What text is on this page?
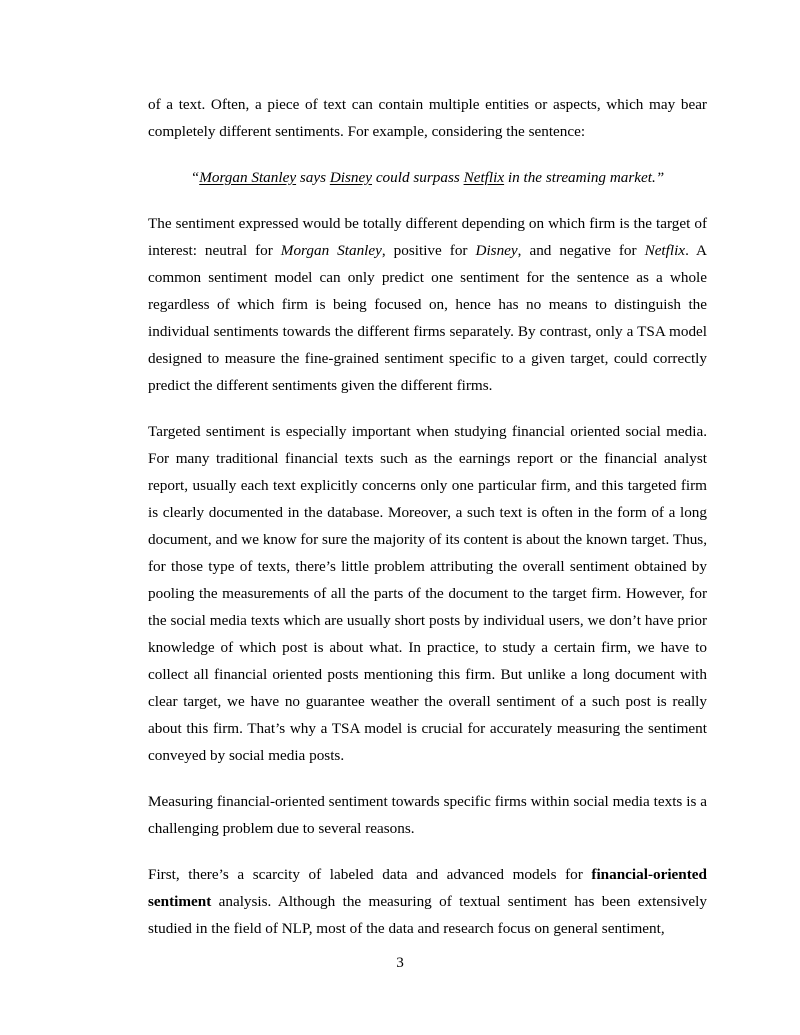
of a text. Often, a piece of text can contain multiple entities or aspects, which may bear completely different sentiments. For example, considering the sentence:

“Morgan Stanley says Disney could surpass Netflix in the streaming market.”

The sentiment expressed would be totally different depending on which firm is the target of interest: neutral for Morgan Stanley, positive for Disney, and negative for Netflix. A common sentiment model can only predict one sentiment for the sentence as a whole regardless of which firm is being focused on, hence has no means to distinguish the individual sentiments towards the different firms separately. By contrast, only a TSA model designed to measure the fine-grained sentiment specific to a given target, could correctly predict the different sentiments given the different firms.

Targeted sentiment is especially important when studying financial oriented social media. For many traditional financial texts such as the earnings report or the financial analyst report, usually each text explicitly concerns only one particular firm, and this targeted firm is clearly documented in the database. Moreover, a such text is often in the form of a long document, and we know for sure the majority of its content is about the known target. Thus, for those type of texts, there’s little problem attributing the overall sentiment obtained by pooling the measurements of all the parts of the document to the target firm. However, for the social media texts which are usually short posts by individual users, we don’t have prior knowledge of which post is about what. In practice, to study a certain firm, we have to collect all financial oriented posts mentioning this firm. But unlike a long document with clear target, we have no guarantee weather the overall sentiment of a such post is really about this firm. That’s why a TSA model is crucial for accurately measuring the sentiment conveyed by social media posts.

Measuring financial-oriented sentiment towards specific firms within social media texts is a challenging problem due to several reasons.

First, there’s a scarcity of labeled data and advanced models for financial-oriented sentiment analysis. Although the measuring of textual sentiment has been extensively studied in the field of NLP, most of the data and research focus on general sentiment,

3
